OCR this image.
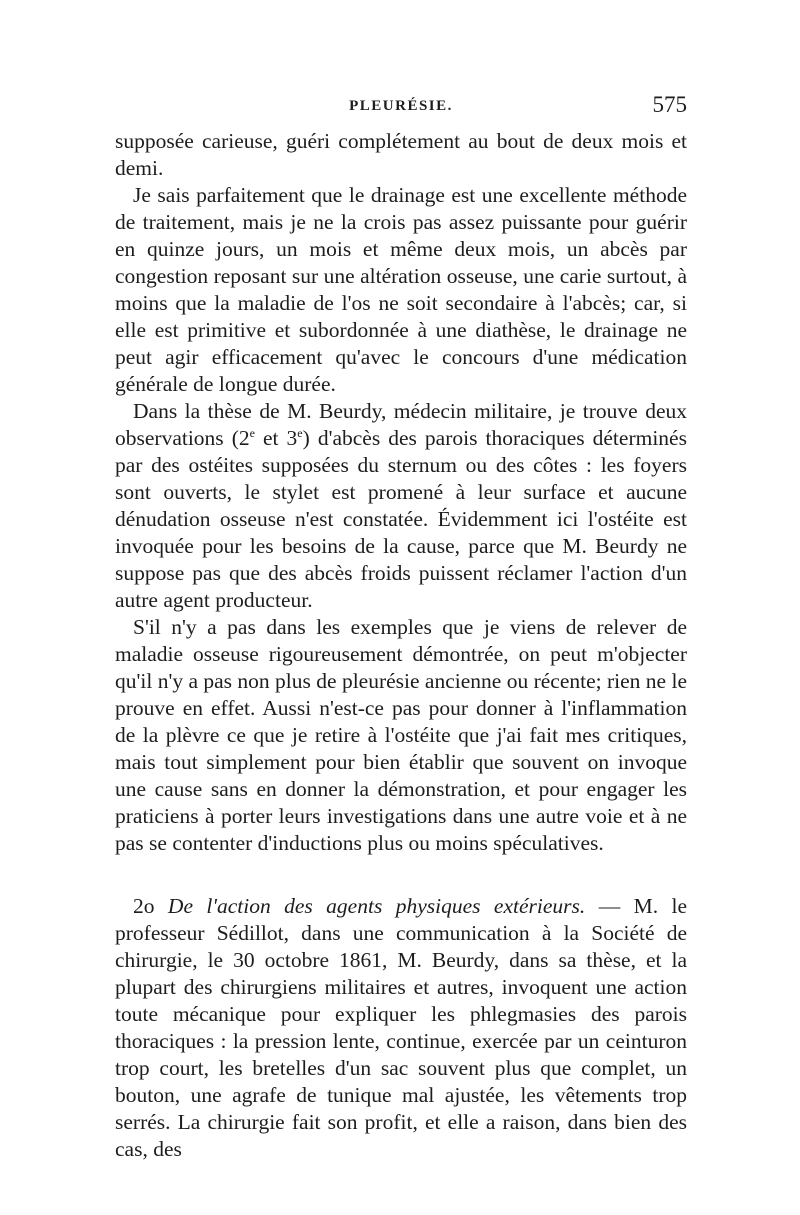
PLEURÉSIE.	575

supposée carieuse, guéri complétement au bout de deux mois et demi.

Je sais parfaitement que le drainage est une excellente méthode de traitement, mais je ne la crois pas assez puissante pour guérir en quinze jours, un mois et même deux mois, un abcès par congestion reposant sur une altération osseuse, une carie surtout, à moins que la maladie de l'os ne soit secondaire à l'abcès; car, si elle est primitive et subordonnée à une diathèse, le drainage ne peut agir efficacement qu'avec le concours d'une médication générale de longue durée.

Dans la thèse de M. Beurdy, médecin militaire, je trouve deux observations (2e et 3e) d'abcès des parois thoraciques déterminés par des ostéites supposées du sternum ou des côtes : les foyers sont ouverts, le stylet est promené à leur surface et aucune dénudation osseuse n'est constatée. Évidemment ici l'ostéite est invoquée pour les besoins de la cause, parce que M. Beurdy ne suppose pas que des abcès froids puissent réclamer l'action d'un autre agent producteur.

S'il n'y a pas dans les exemples que je viens de relever de maladie osseuse rigoureusement démontrée, on peut m'objecter qu'il n'y a pas non plus de pleurésie ancienne ou récente; rien ne le prouve en effet. Aussi n'est-ce pas pour donner à l'inflammation de la plèvre ce que je retire à l'ostéite que j'ai fait mes critiques, mais tout simplement pour bien établir que souvent on invoque une cause sans en donner la démonstration, et pour engager les praticiens à porter leurs investigations dans une autre voie et à ne pas se contenter d'inductions plus ou moins spéculatives.

2o De l'action des agents physiques extérieurs. — M. le professeur Sédillot, dans une communication à la Société de chirurgie, le 30 octobre 1861, M. Beurdy, dans sa thèse, et la plupart des chirurgiens militaires et autres, invoquent une action toute mécanique pour expliquer les phlegmasies des parois thoraciques : la pression lente, continue, exercée par un ceinturon trop court, les bretelles d'un sac souvent plus que complet, un bouton, une agrafe de tunique mal ajustée, les vêtements trop serrés. La chirurgie fait son profit, et elle a raison, dans bien des cas, des
